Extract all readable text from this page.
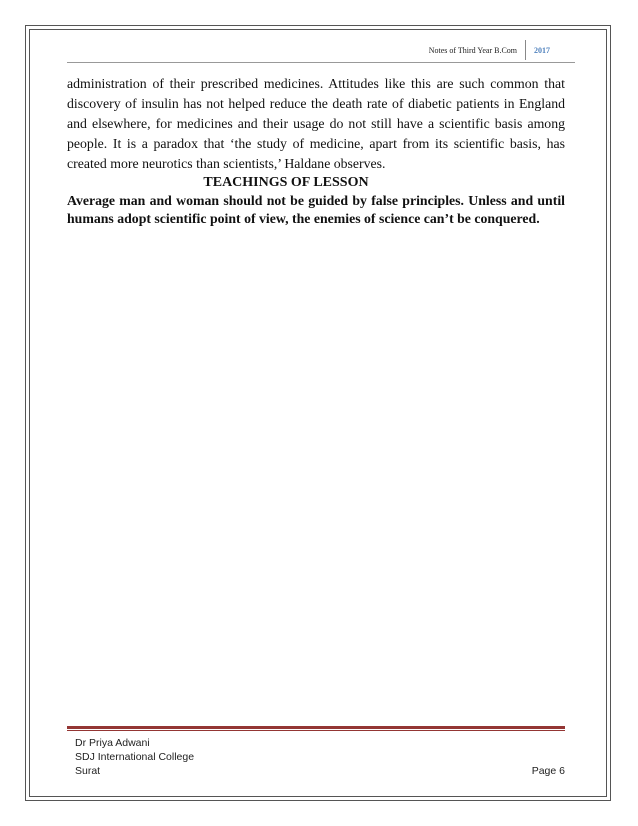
Notes of Third Year B.Com	2017

administration of their prescribed medicines. Attitudes like this are such common that discovery of insulin has not helped reduce the death rate of diabetic patients in England and elsewhere, for medicines and their usage do not still have a scientific basis among people. It is a paradox that ‘the study of medicine, apart from its scientific basis, has created more neurotics than scientists,’ Haldane observes.

TEACHINGS OF LESSON
Average man and woman should not be guided by false principles. Unless and until humans adopt scientific point of view, the enemies of science can’t be conquered.
Dr Priya Adwani
SDJ International College
Surat	Page 6
